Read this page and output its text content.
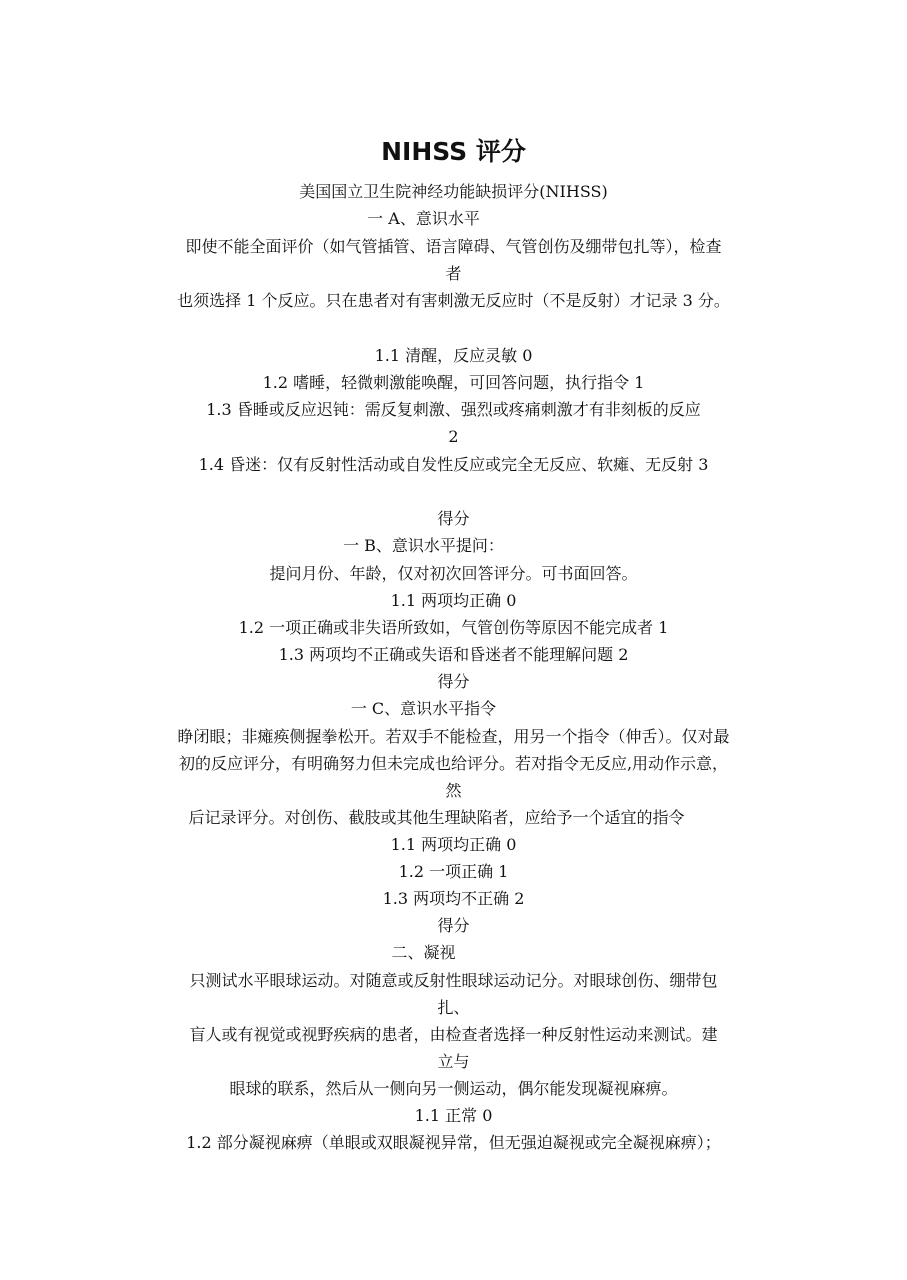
NIHSS 评分
美国国立卫生院神经功能缺损评分(NIHSS)
一 A、意识水平
即使不能全面评价（如气管插管、语言障碍、气管创伤及绷带包扎等），检查
者
也须选择 1 个反应。只在患者对有害刺激无反应时（不是反射）才记录 3 分。
1.1 清醒，反应灵敏 0
1.2 嗜睡，轻微刺激能唤醒，可回答问题，执行指令 1
1.3 昏睡或反应迟钝：需反复刺激、强烈或疼痛刺激才有非刻板的反应
2
1.4 昏迷：仅有反射性活动或自发性反应或完全无反应、软瘫、无反射 3
得分
一 B、意识水平提问：
提问月份、年龄，仅对初次回答评分。可书面回答。
1.1 两项均正确 0
1.2 一项正确或非失语所致如，气管创伤等原因不能完成者 1
1.3 两项均不正确或失语和昏迷者不能理解问题 2
得分
一 C、意识水平指令
睁闭眼；非瘫痪侧握拳松开。若双手不能检查，用另一个指令（伸舌）。仅对最
初的反应评分，有明确努力但未完成也给评分。若对指令无反应,用动作示意，
然
后记录评分。对创伤、截肢或其他生理缺陷者，应给予一个适宜的指令
1.1 两项均正确 0
1.2 一项正确 1
1.3 两项均不正确 2
得分
二、凝视
只测试水平眼球运动。对随意或反射性眼球运动记分。对眼球创伤、绷带包
扎、
盲人或有视觉或视野疾病的患者，由检查者选择一种反射性运动来测试。建
立与
眼球的联系，然后从一侧向另一侧运动，偶尔能发现凝视麻痹。
1.1 正常 0
1.2 部分凝视麻痹（单眼或双眼凝视异常，但无强迫凝视或完全凝视麻痹）；
